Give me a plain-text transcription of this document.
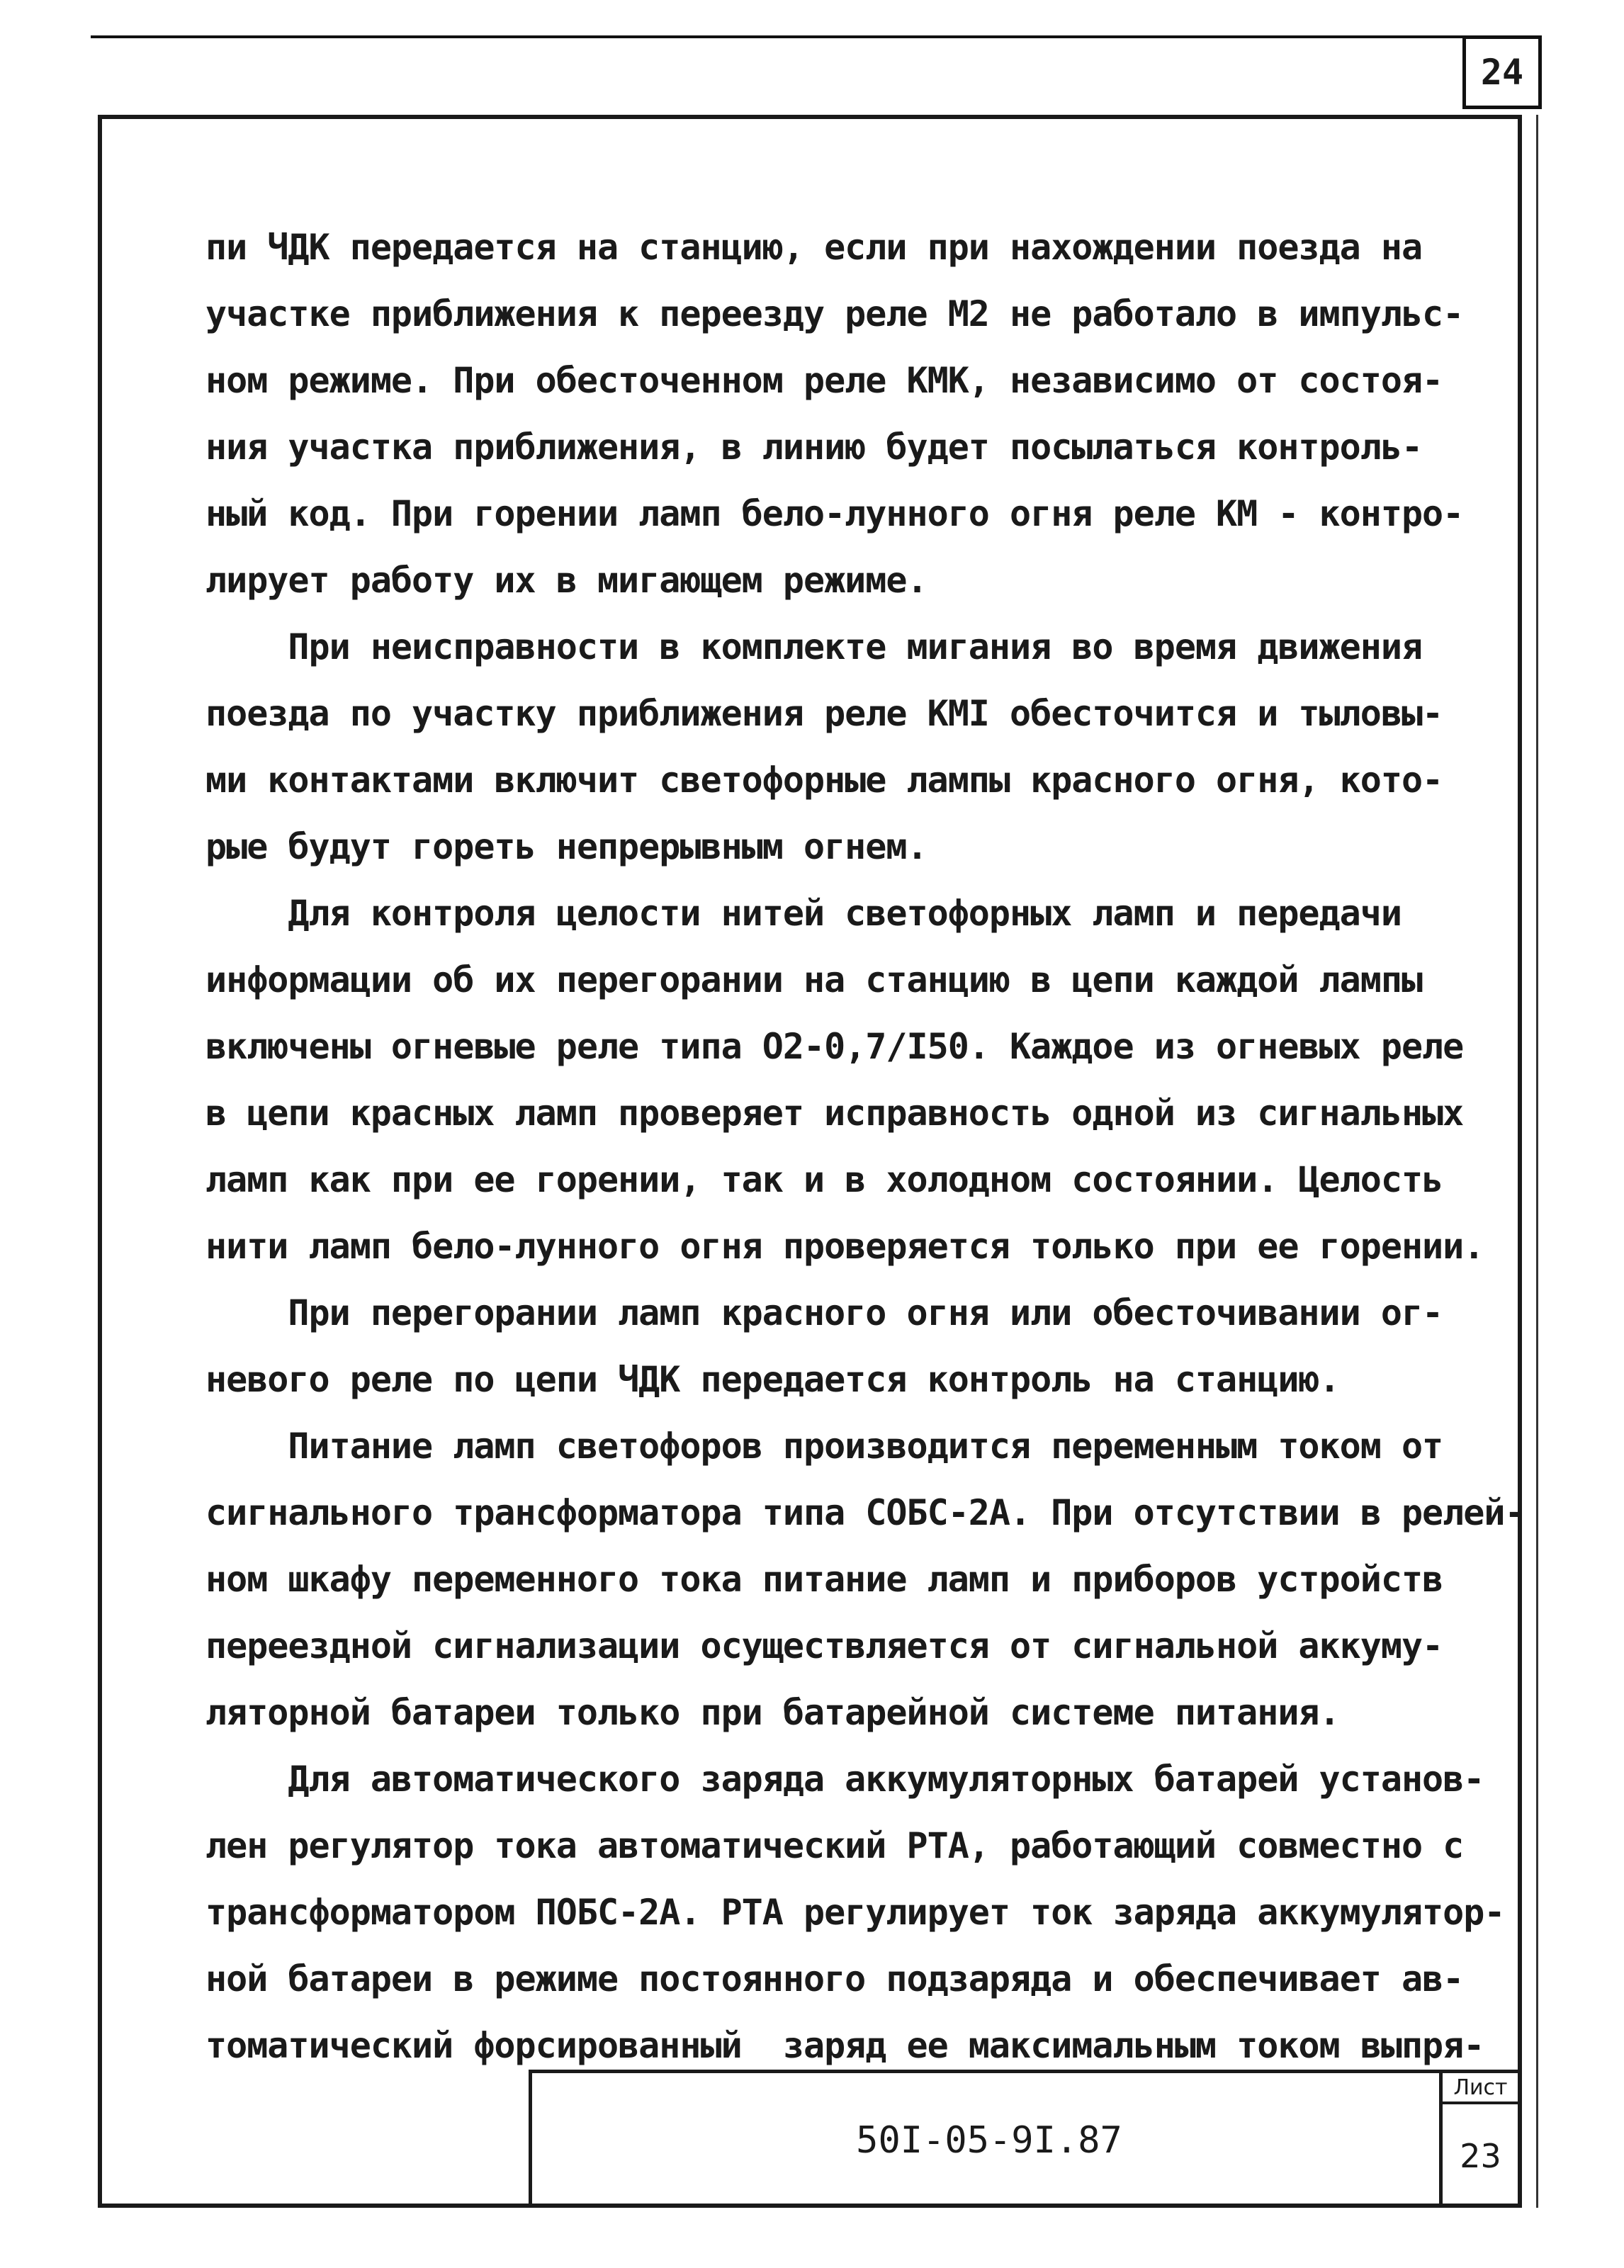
24
пи ЧДК передается на станцию, если при нахождении поезда на
участке приближения к переезду реле М2 не работало в импульс-
ном режиме. При обесточенном реле КМК, независимо от состоя-
ния участка приближения, в линию будет посылаться контроль-
ный код. При горении ламп бело-лунного огня реле КМ - контро-
лирует работу их в мигающем режиме.
При неисправности в комплекте мигания во время движения
поезда по участку приближения реле КМI обесточится и тыловы-
ми контактами включит светофорные лампы красного огня, кото-
рые будут гореть непрерывным огнем.
Для контроля целости нитей светофорных ламп и передачи
информации об их перегорании на станцию в цепи каждой лампы
включены огневые реле типа О2-0,7/I50. Каждое из огневых реле
в цепи красных ламп проверяет исправность одной из сигнальных
ламп как при ее горении, так и в холодном состоянии. Целость
нити ламп бело-лунного огня проверяется только при ее горении.
При перегорании ламп красного огня или обесточивании ог-
невого реле по цепи ЧДК передается контроль на станцию.
Питание ламп светофоров производится переменным током от
сигнального трансформатора типа СОБС-2А. При отсутствии в релей-
ном шкафу переменного тока питание ламп и приборов устройств
переездной сигнализации осуществляется от сигнальной аккуму-
ляторной батареи только при батарейной системе питания.
Для автоматического заряда аккумуляторных батарей установ-
лен регулятор тока автоматический РТА, работающий совместно с
трансформатором ПОБС-2А. РТА регулирует ток заряда аккумулятор-
ной батареи в режиме постоянного подзаряда и обеспечивает ав-
томатический форсированный  заряд ее максимальным током выпря-
50I-05-9I.87
Лист
23
